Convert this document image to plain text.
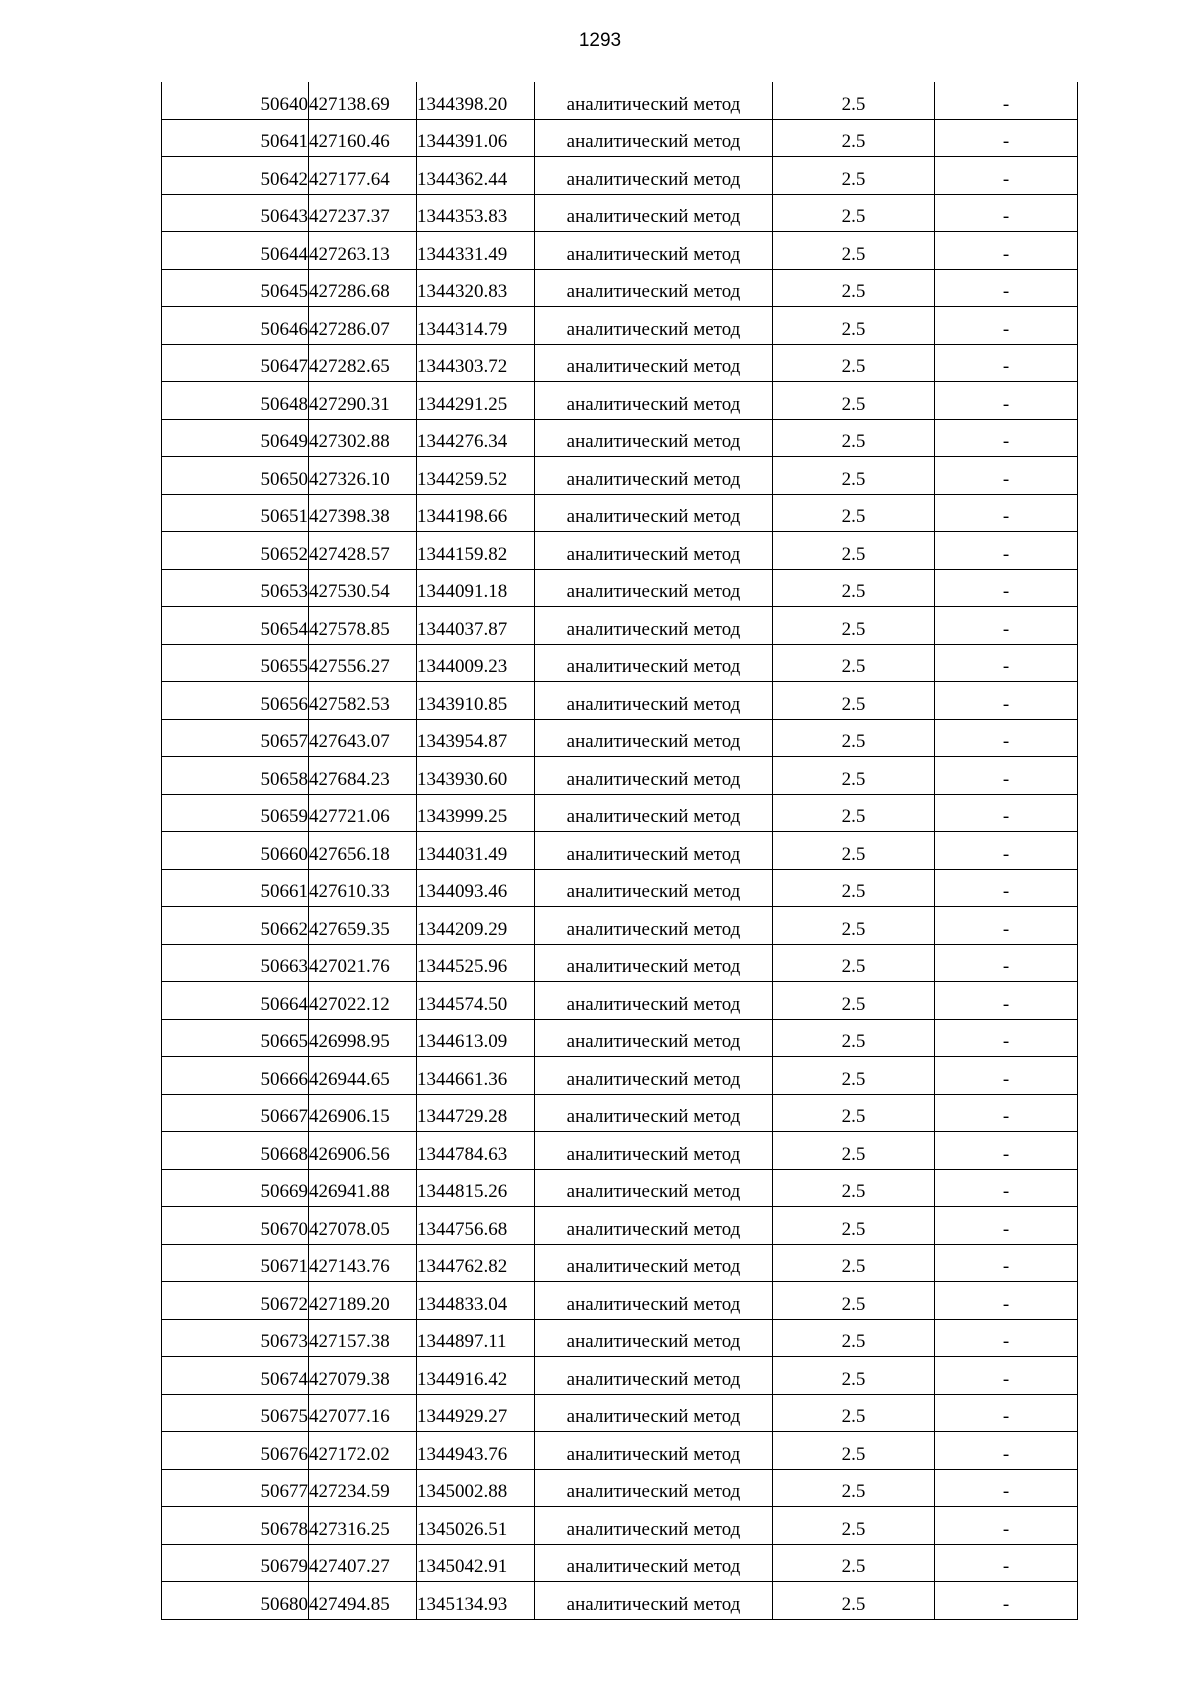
1293
50640	427138.69	1344398.20	аналитический метод	2.5	-
50641	427160.46	1344391.06	аналитический метод	2.5	-
50642	427177.64	1344362.44	аналитический метод	2.5	-
50643	427237.37	1344353.83	аналитический метод	2.5	-
50644	427263.13	1344331.49	аналитический метод	2.5	-
50645	427286.68	1344320.83	аналитический метод	2.5	-
50646	427286.07	1344314.79	аналитический метод	2.5	-
50647	427282.65	1344303.72	аналитический метод	2.5	-
50648	427290.31	1344291.25	аналитический метод	2.5	-
50649	427302.88	1344276.34	аналитический метод	2.5	-
50650	427326.10	1344259.52	аналитический метод	2.5	-
50651	427398.38	1344198.66	аналитический метод	2.5	-
50652	427428.57	1344159.82	аналитический метод	2.5	-
50653	427530.54	1344091.18	аналитический метод	2.5	-
50654	427578.85	1344037.87	аналитический метод	2.5	-
50655	427556.27	1344009.23	аналитический метод	2.5	-
50656	427582.53	1343910.85	аналитический метод	2.5	-
50657	427643.07	1343954.87	аналитический метод	2.5	-
50658	427684.23	1343930.60	аналитический метод	2.5	-
50659	427721.06	1343999.25	аналитический метод	2.5	-
50660	427656.18	1344031.49	аналитический метод	2.5	-
50661	427610.33	1344093.46	аналитический метод	2.5	-
50662	427659.35	1344209.29	аналитический метод	2.5	-
50663	427021.76	1344525.96	аналитический метод	2.5	-
50664	427022.12	1344574.50	аналитический метод	2.5	-
50665	426998.95	1344613.09	аналитический метод	2.5	-
50666	426944.65	1344661.36	аналитический метод	2.5	-
50667	426906.15	1344729.28	аналитический метод	2.5	-
50668	426906.56	1344784.63	аналитический метод	2.5	-
50669	426941.88	1344815.26	аналитический метод	2.5	-
50670	427078.05	1344756.68	аналитический метод	2.5	-
50671	427143.76	1344762.82	аналитический метод	2.5	-
50672	427189.20	1344833.04	аналитический метод	2.5	-
50673	427157.38	1344897.11	аналитический метод	2.5	-
50674	427079.38	1344916.42	аналитический метод	2.5	-
50675	427077.16	1344929.27	аналитический метод	2.5	-
50676	427172.02	1344943.76	аналитический метод	2.5	-
50677	427234.59	1345002.88	аналитический метод	2.5	-
50678	427316.25	1345026.51	аналитический метод	2.5	-
50679	427407.27	1345042.91	аналитический метод	2.5	-
50680	427494.85	1345134.93	аналитический метод	2.5	-
